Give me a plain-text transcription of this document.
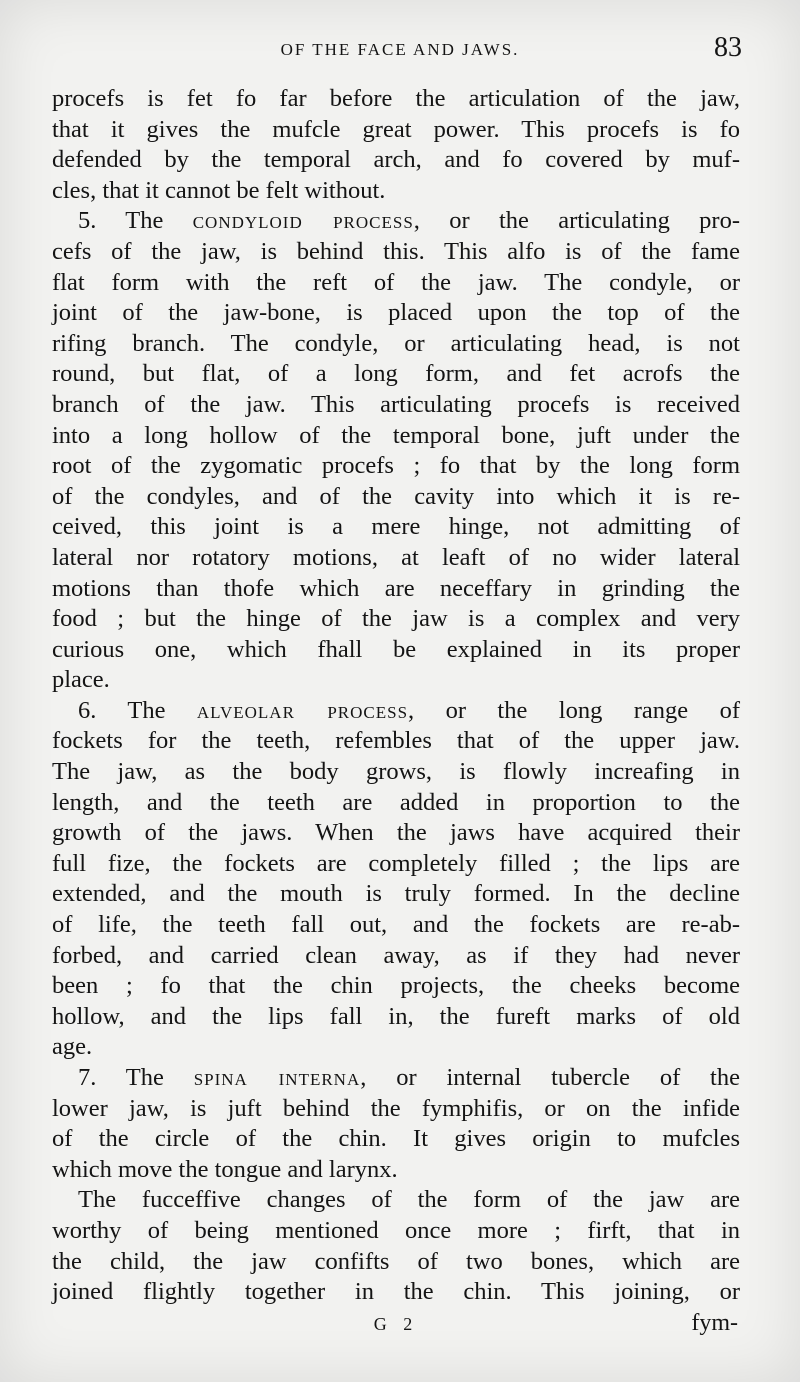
OF THE FACE AND JAWS.	83
procefs is fet fo far before the articulation of the jaw,
that it gives the mufcle great power. This procefs is fo
defended by the temporal arch, and fo covered by muf-
cles, that it cannot be felt without.
5. The condyloid process, or the articulating pro-
cefs of the jaw, is behind this. This alfo is of the fame
flat form with the reft of the jaw. The condyle, or
joint of the jaw-bone, is placed upon the top of the
rifing branch. The condyle, or articulating head, is not
round, but flat, of a long form, and fet acrofs the
branch of the jaw. This articulating procefs is received
into a long hollow of the temporal bone, juft under the
root of the zygomatic procefs ; fo that by the long form
of the condyles, and of the cavity into which it is re-
ceived, this joint is a mere hinge, not admitting of
lateral nor rotatory motions, at leaft of no wider lateral
motions than thofe which are neceffary in grinding the
food ; but the hinge of the jaw is a complex and very
curious one, which fhall be explained in its proper
place.
6. The alveolar process, or the long range of
fockets for the teeth, refembles that of the upper jaw.
The jaw, as the body grows, is flowly increafing in
length, and the teeth are added in proportion to the
growth of the jaws. When the jaws have acquired their
full fize, the fockets are completely filled ; the lips are
extended, and the mouth is truly formed. In the decline
of life, the teeth fall out, and the fockets are re-ab-
forbed, and carried clean away, as if they had never
been ; fo that the chin projects, the cheeks become
hollow, and the lips fall in, the fureft marks of old
age.
7. The spina interna, or internal tubercle of the
lower jaw, is juft behind the fymphifis, or on the infide
of the circle of the chin. It gives origin to mufcles
which move the tongue and larynx.
The fucceffive changes of the form of the jaw are
worthy of being mentioned once more ; firft, that in
the child, the jaw confifts of two bones, which are
joined flightly together in the chin. This joining, or
G 2	fym-
